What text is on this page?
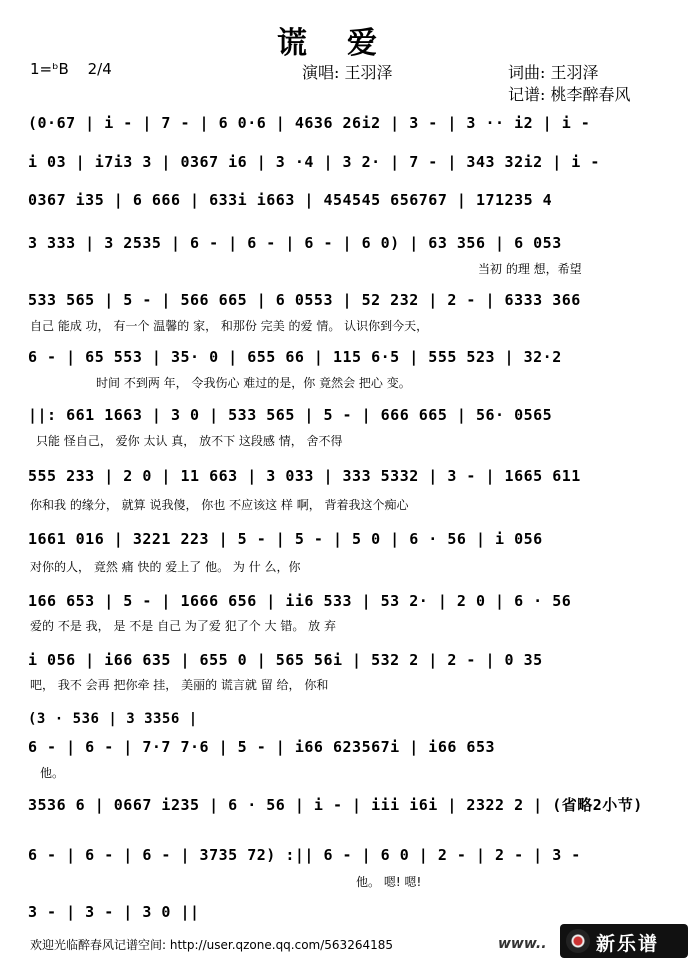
谎爱
1=ᵇB 2/4	演唱: 王羽泽	词曲: 王羽泽
记谱: 桃李醉春风
(0·67 | i - | 7 - | 6 0·6 | 4636 26i2 | 3 - | 3 ·· i2 | i -
i 03 | i7i3 3 | 0367 i6 | 3 ·4 | 3 2· | 7 - | 343 32i2 | i -
0367 i35 | 6 666 | 633i i663 | 454545 656767 | 171235 4
3 333 | 3 2535 | 6 - | 6 - | 6 - | 6 0) | 63 356 | 6 053
当初 的理 想，希望
533 565 | 5 - | 566 665 | 6 0553 | 52 232 | 2 - | 6333 366
自己 能成 功， 有一个 温馨的 家， 和那份 完美 的爱 情。 认识你到今天，
6 - | 65 553 | 35· 0 | 655 66 | 115 6·5 | 555 523 | 32·2
时间 不到两 年， 令我伤心 难过的是，你 竟然会 把心 变。
||: 661 1663 | 3 0 | 533 565 | 5 - | 666 665 | 56· 0565
只能 怪自己， 爱你 太认 真， 放不下 这段感 情， 舍不得
555 233 | 2 0 | 11 663 | 3 033 | 333 5332 | 3 - | 1665 611
你和我 的缘分， 就算 说我傻， 你也 不应该这 样 啊， 背着我这个痴心
1661 016 | 3221 223 | 5 - | 5 - | 5 0 | 6 · 56 | i 056
对你的人， 竟然 痛 快的 爱上了 他。 为 什 么，你
166 653 | 5 - | 1666 656 | ii6 533 | 53 2· | 2 0 | 6 · 56
爱的 不是 我， 是 不是 自己 为了爱 犯了个 大 错。 放 弃
i 056 | i66 635 | 655 0 | 565 56i | 532 2 | 2 - | 0 35
吧， 我不 会再 把你牵 挂， 美丽的 谎言就 留 给， 你和
(3 · 536 | 3 3356 |
6 - | 6 - | 7·7 7·6 | 5 - | i66 623567i | i66 653
他。
3536 6 | 0667 i235 | 6 · 56 | i - | iii i6i | 2322 2 | (省略2小节)
6 - | 6 - | 6 - | 3735 72) :|| 6 - | 6 0 | 2 - | 2 - | 3 -
他。 嗯! 嗯!
3 - | 3 - | 3 0 ||
欢迎光临醉春风记谱空间: http://user.qzone.qq.com/563264185	www..	新乐谱
